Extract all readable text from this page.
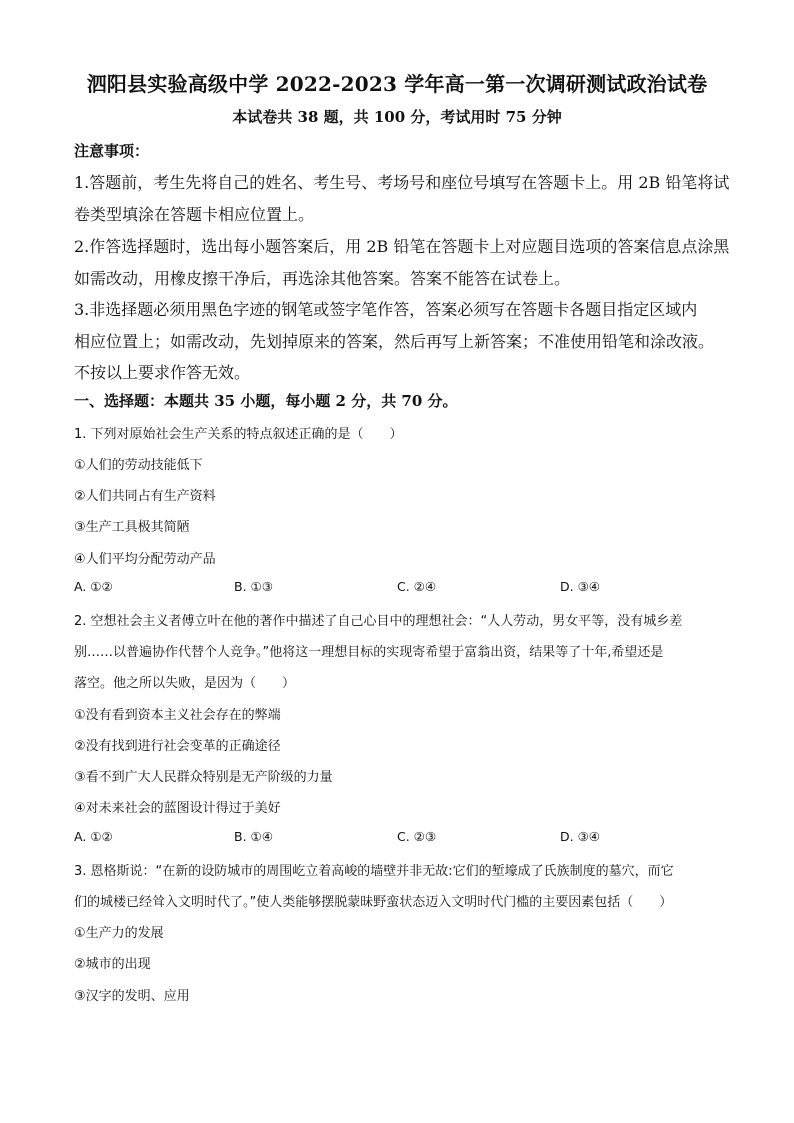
泗阳县实验高级中学 2022-2023 学年高一第一次调研测试政治试卷
本试卷共 38 题，共 100 分，考试用时 75 分钟
注意事项：
1.答题前，考生先将自己的姓名、考生号、考场号和座位号填写在答题卡上。用 2B 铅笔将试
卷类型填涂在答题卡相应位置上。
2.作答选择题时，选出每小题答案后，用 2B 铅笔在答题卡上对应题目选项的答案信息点涂黑
如需改动，用橡皮擦干净后，再选涂其他答案。答案不能答在试卷上。
3.非选择题必须用黑色字迹的钢笔或签字笔作答，答案必须写在答题卡各题目指定区域内
相应位置上；如需改动，先划掉原来的答案，然后再写上新答案；不准使用铅笔和涂改液。
不按以上要求作答无效。
一、选择题：本题共 35 小题，每小题 2 分，共 70 分。
1. 下列对原始社会生产关系的特点叙述正确的是（　　）
①人们的劳动技能低下
②人们共同占有生产资料
③生产工具极其简陋
④人们平均分配劳动产品
A. ①②	B. ①③	C. ②④	D. ③④
2. 空想社会主义者傅立叶在他的著作中描述了自己心目中的理想社会：“人人劳动，男女平等，没有城乡差
别……以普遍协作代替个人竞争。”他将这一理想目标的实现寄希望于富翁出资，结果等了十年,希望还是
落空。他之所以失败，是因为（　　）
①没有看到资本主义社会存在的弊端
②没有找到进行社会变革的正确途径
③看不到广大人民群众特别是无产阶级的力量
④对未来社会的蓝图设计得过于美好
A. ①②	B. ①④	C. ②③	D. ③④
3. 恩格斯说：“在新的设防城市的周围屹立着高峻的墙壁并非无故:它们的堑壕成了氏族制度的墓穴，而它
们的城楼已经耸入文明时代了。”使人类能够摆脱蒙昧野蛮状态迈入文明时代门槛的主要因素包括（　　）
①生产力的发展
②城市的出现
③汉字的发明、应用
